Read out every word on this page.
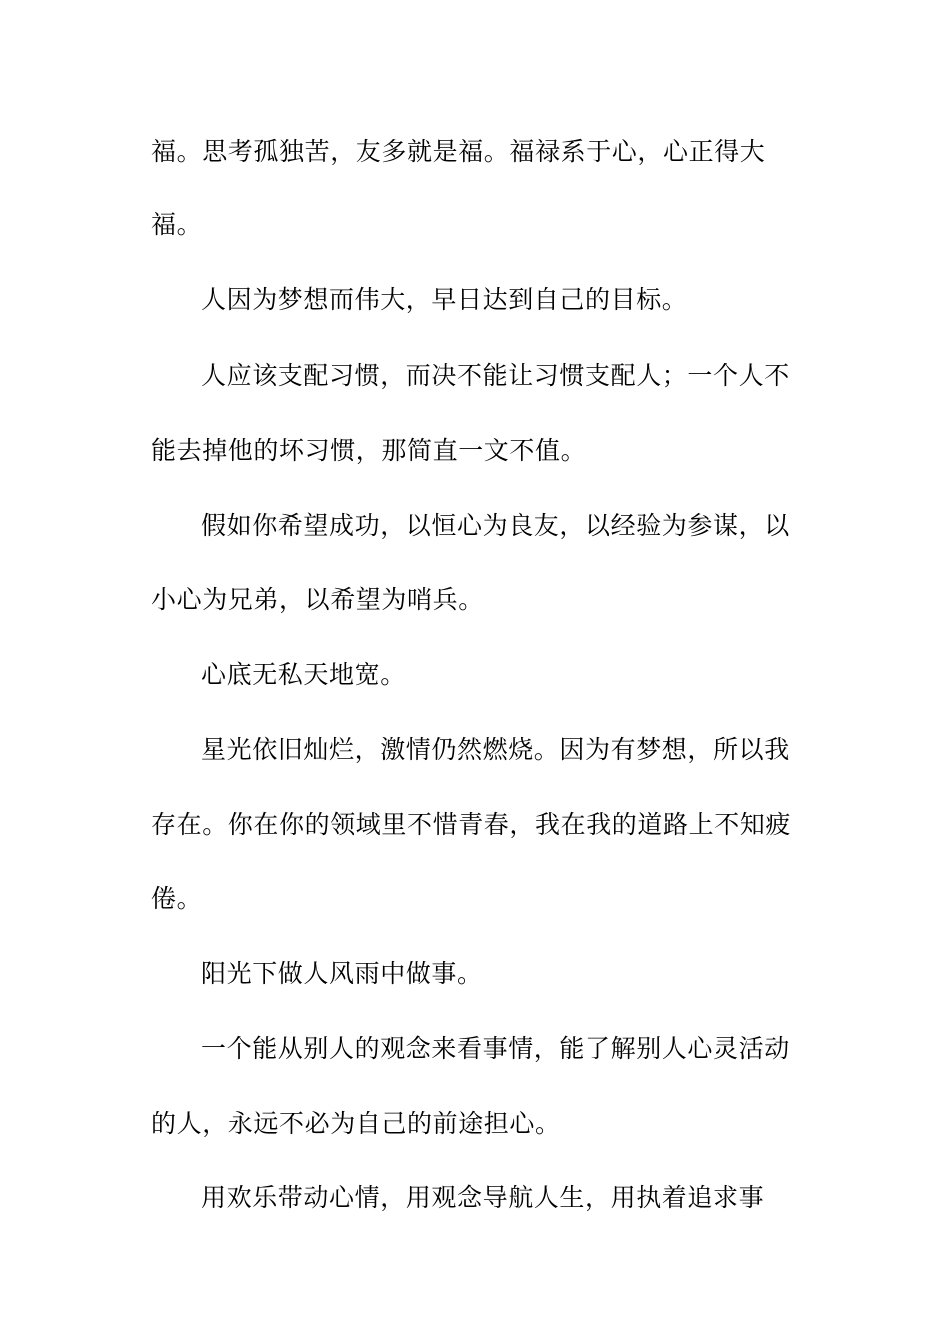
福。思考孤独苦，友多就是福。福禄系于心，心正得大

福。

人因为梦想而伟大，早日达到自己的目标。

人应该支配习惯，而决不能让习惯支配人；一个人不

能去掉他的坏习惯，那简直一文不值。

假如你希望成功，以恒心为良友，以经验为参谋，以

小心为兄弟，以希望为哨兵。

心底无私天地宽。

星光依旧灿烂，激情仍然燃烧。因为有梦想，所以我

存在。你在你的领域里不惜青春，我在我的道路上不知疲

倦。

阳光下做人风雨中做事。

一个能从别人的观念来看事情，能了解别人心灵活动

的人，永远不必为自己的前途担心。

用欢乐带动心情，用观念导航人生，用执着追求事
